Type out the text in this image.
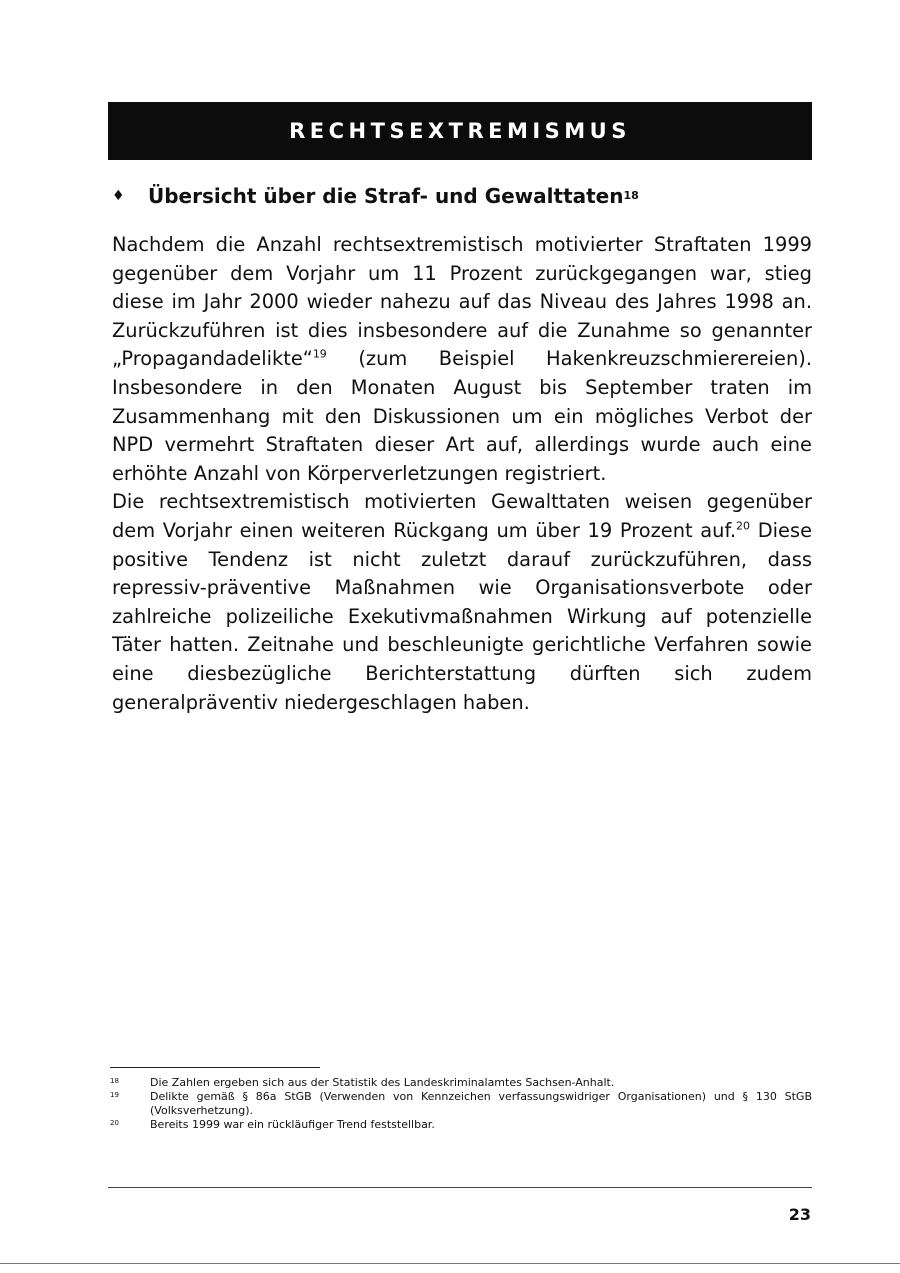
RECHTSEXTREMISMUS
♦ Übersicht über die Straf- und Gewalttaten 18

Nachdem die Anzahl rechtsextremistisch motivierter Straftaten 1999 gegenüber dem Vorjahr um 11 Prozent zurückgegangen war, stieg diese im Jahr 2000 wieder nahezu auf das Niveau des Jahres 1998 an. Zurückzuführen ist dies insbesondere auf die Zunahme so genannter „Propagandadelikte“$^{19}$ (zum Beispiel Hakenkreuzschmierereien). Insbesondere in den Monaten August bis September traten im Zusammenhang mit den Diskussionen um ein mögliches Verbot der NPD vermehrt Straftaten dieser Art auf, allerdings wurde auch eine erhöhte Anzahl von Körperverletzungen registriert.

Die rechtsextremistisch motivierten Gewalttaten weisen gegenüber dem Vorjahr einen weiteren Rückgang um über 19 Prozent auf.$^{20}$ Diese positive Tendenz ist nicht zuletzt darauf zurückzuführen, dass repressiv-präventive Maßnahmen wie Organisationsverbote oder zahlreiche polizeiliche Exekutivmaßnahmen Wirkung auf potenzielle Täter hatten. Zeitnahe und beschleunigte gerichtliche Verfahren sowie eine diesbezügliche Berichterstattung dürften sich zudem generalpräventiv niedergeschlagen haben.

18	Die Zahlen ergeben sich aus der Statistik des Landeskriminalamtes Sachsen-Anhalt.
19	Delikte gemäß § 86a StGB (Verwenden von Kennzeichen verfassungswidriger Organisationen) und § 130 StGB (Volksverhetzung).
20	Bereits 1999 war ein rückläufiger Trend feststellbar.
23
